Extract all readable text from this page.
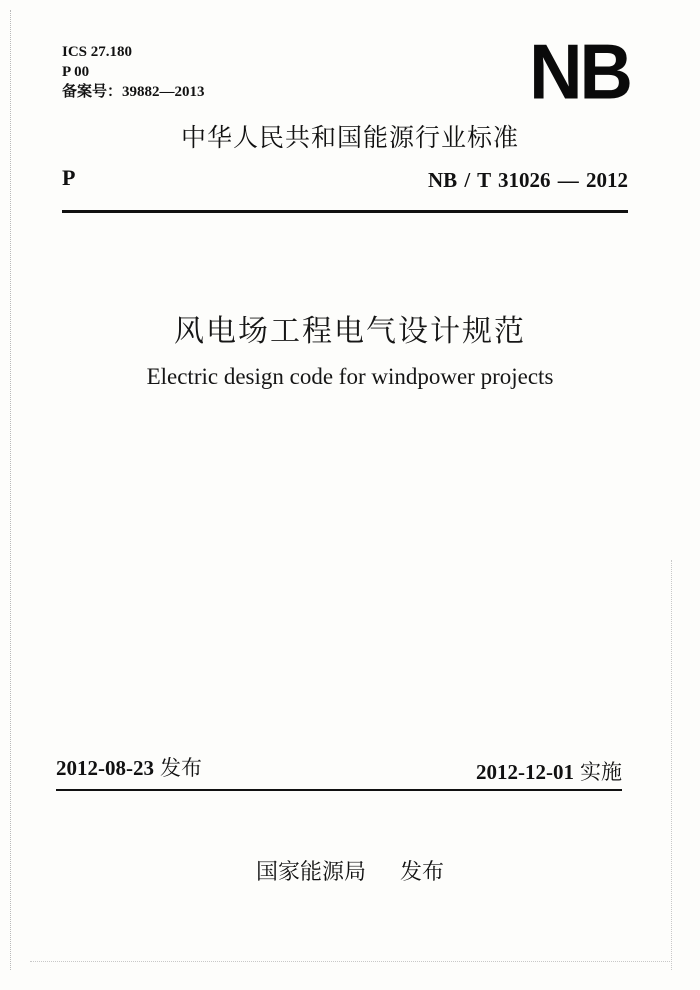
ICS 27.180
P 00
备案号：39882—2013	NB
中华人民共和国能源行业标准
P	NB / T 31026 — 2012
风电场工程电气设计规范
Electric design code for windpower projects
2012-08-23 发布	2012-12-01 实施
国家能源局 发布
